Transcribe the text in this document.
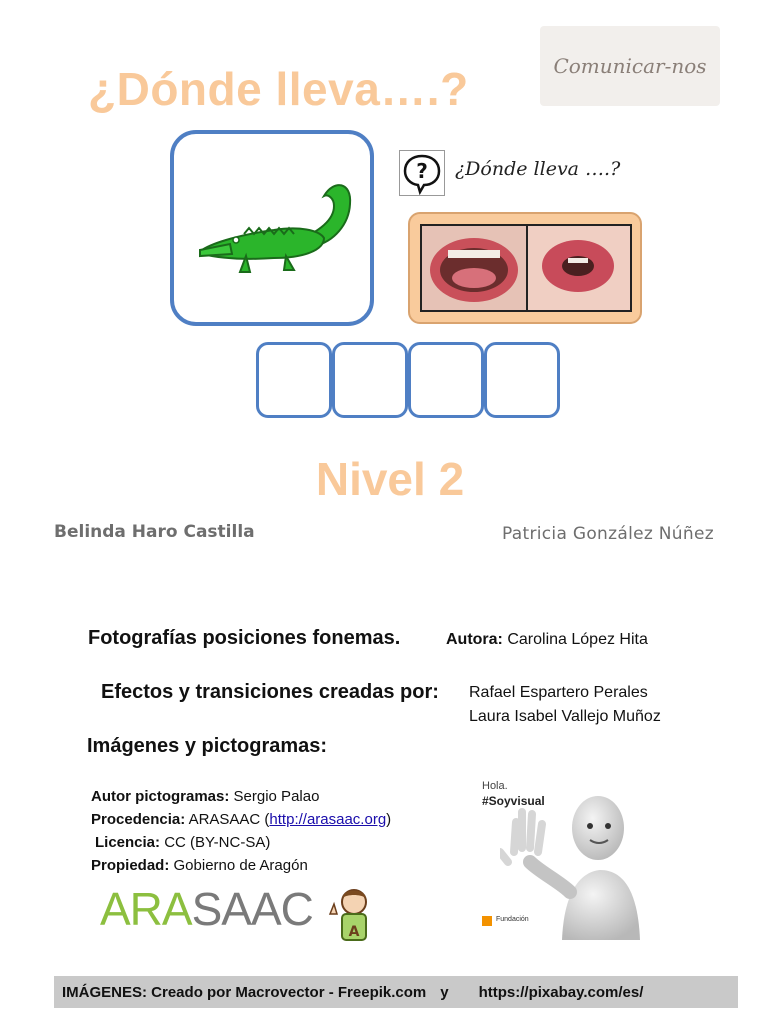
¿Dónde lleva….?	Comunicar-nos
? ¿Dónde lleva ….?
Nivel 2
Belinda Haro Castilla	Patricia González Núñez
Fotografías posiciones fonemas.	Autora: Carolina López Hita
Efectos y transiciones creadas por: Rafael Espartero Perales
Laura Isabel Vallejo Muñoz
Imágenes y pictogramas:
Autor pictogramas: Sergio Palao
Procedencia: ARASAAC (http://arasaac.org)
Licencia: CC (BY-NC-SA)
Propiedad: Gobierno de Aragón
ARASAAC	A
Hola.
#Soyvisual
Fundación
IMÁGENES: Creado por Macrovector - Freepik.com y https://pixabay.com/es/
